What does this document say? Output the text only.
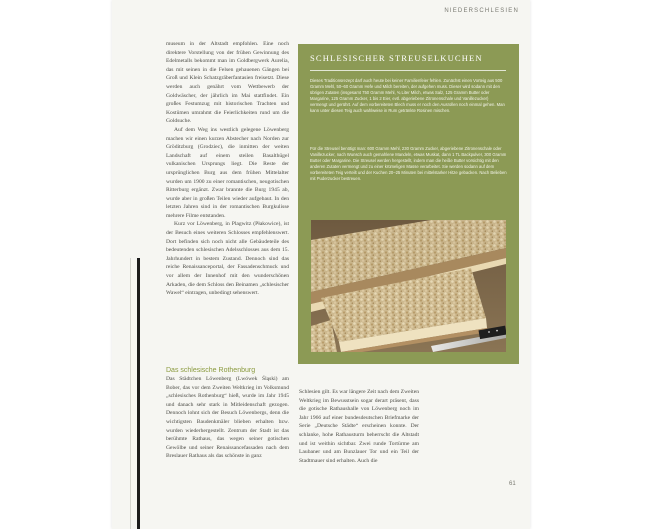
NIEDERSCHLESIEN

museum in der Altstadt empfohlen. Eine noch direktere Vorstellung von der frühen Gewinnung des Edelmetalls bekommt man im Goldbergwerk Aurelia, das mit seinen in die Felsen gehauenen Gängen bei Groß und Klein Schatzgräberfantasien freisetzt. Diese werden auch genährt vom Wettbewerb der Goldwäscher, der jährlich im Mai stattfindet. Ein großes Festumzug mit historischen Trachten und Kostümen umrahmt die Feierlichkeiten rund um die Goldsuche.

Auf dem Weg ins westlich gelegene Löwenberg machen wir einen kurzen Abstecher nach Norden zur Gröditzburg (Grodziec), die inmitten der weiten Landschaft auf einem steilen Basalthügel vulkanischen Ursprungs liegt. Die Reste der ursprünglichen Burg aus dem frühen Mittelalter wurden um 1900 zu einer romantischen, neugotischen Ritterburg ergänzt. Zwar brannte die Burg 1945 ab, wurde aber in großen Teilen wieder aufgebaut. In den letzten Jahren sind in der romantischen Burgkulisse mehrere Filme entstanden.

Kurz vor Löwenberg, in Plagwitz (Płakowice), ist der Besuch eines weiteren Schlosses empfehlenswert. Dort befinden sich noch nicht alle Gebäudeteile des bedeutenden schlesischen Adelsschlosses aus dem 15. Jahrhundert in bestem Zustand. Dennoch sind das reiche Renaissanceportal, der Fassadenschmuck und vor allem der Innenhof mit den wunderschönen Arkaden, die dem Schloss den Beinamen „schlesischer Wawel“ eintragen, unbedingt sehenswert.

Das schlesische Rothenburg

Das Städtchen Löwenberg (Lwówek Śląski) am Bober, das vor dem Zweiten Weltkrieg im Volksmund „schlesisches Rothenburg“ hieß, wurde im Jahr 1945 und danach sehr stark in Mitleidenschaft gezogen. Dennoch lohnt sich der Besuch Löwenbergs, denn die wichtigsten Baudenkmäler blieben erhalten bzw. wurden wiederhergestellt. Zentrum der Stadt ist das berühmte Rathaus, das wegen seiner gotischen Gewölbe und seiner Renaissancefassaden nach dem Breslauer Rathaus als das schönste in ganz

Schlesien gilt. Es war längere Zeit nach dem Zweiten Weltkrieg im Bewusstsein sogar derart präsent, dass die gotische Rathaushalle von Löwenberg noch im Jahr 1966 auf einer bundesdeutschen Briefmarke der Serie „Deutsche Städte“ erscheinen konnte. Der schlanke, hohe Rathausturm beherrscht die Altstadt und ist weithin sichtbar. Zwei runde Tortürme am Laubaner und am Bunzlauer Tor und ein Teil der Stadtmauer sind erhalten. Auch die

SCHLESISCHER STREUSELKUCHEN

Dieses Traditionsrezept darf auch heute bei keiner Familienfeier fehlen. Zunächst einen Vorteig aus 500 Gramm Mehl, 50–60 Gramm Hefe und Milch bereiten, der aufgehen muss. Dieser wird sodann mit den übrigen Zutaten (insgesamt 750 Gramm Mehl, ¾ Liter Milch, etwas Salz, 125 Gramm Butter oder Margarine, 125 Gramm Zucker, 1 bis 2 Eier, evtl. abgeriebene Zitronenschale und Vanillezucker) vermengt und gerührt. Auf dem vorbereiteten Blech muss er noch den Ausrollen noch einmal gehen. Man kann unter diesen Teig auch wahlweise in Rum getränkte Rosinen mischen.

Für die Streusel benötigt man: 600 Gramm Mehl, 230 Gramm Zucker, abgeriebene Zitronenschale oder Vanillezucker, nach Wunsch auch gemahlene Mandeln, etwas Muskat, dann 1 TL Backpulver, 300 Gramm Butter oder Margarine. Die Streusel werden hergestellt, indem man die heiße Butter vorsichtig mit den anderen Zutaten vermengt und zu einer krümeligen Masse verarbeitet. Sie werden sodann auf dem vorbereiteten Teig verteilt und der Kuchen 20–25 Minuten bei mittelstarker Hitze gebacken. Nach Belieben mit Puderzucker bestreuen.

61
